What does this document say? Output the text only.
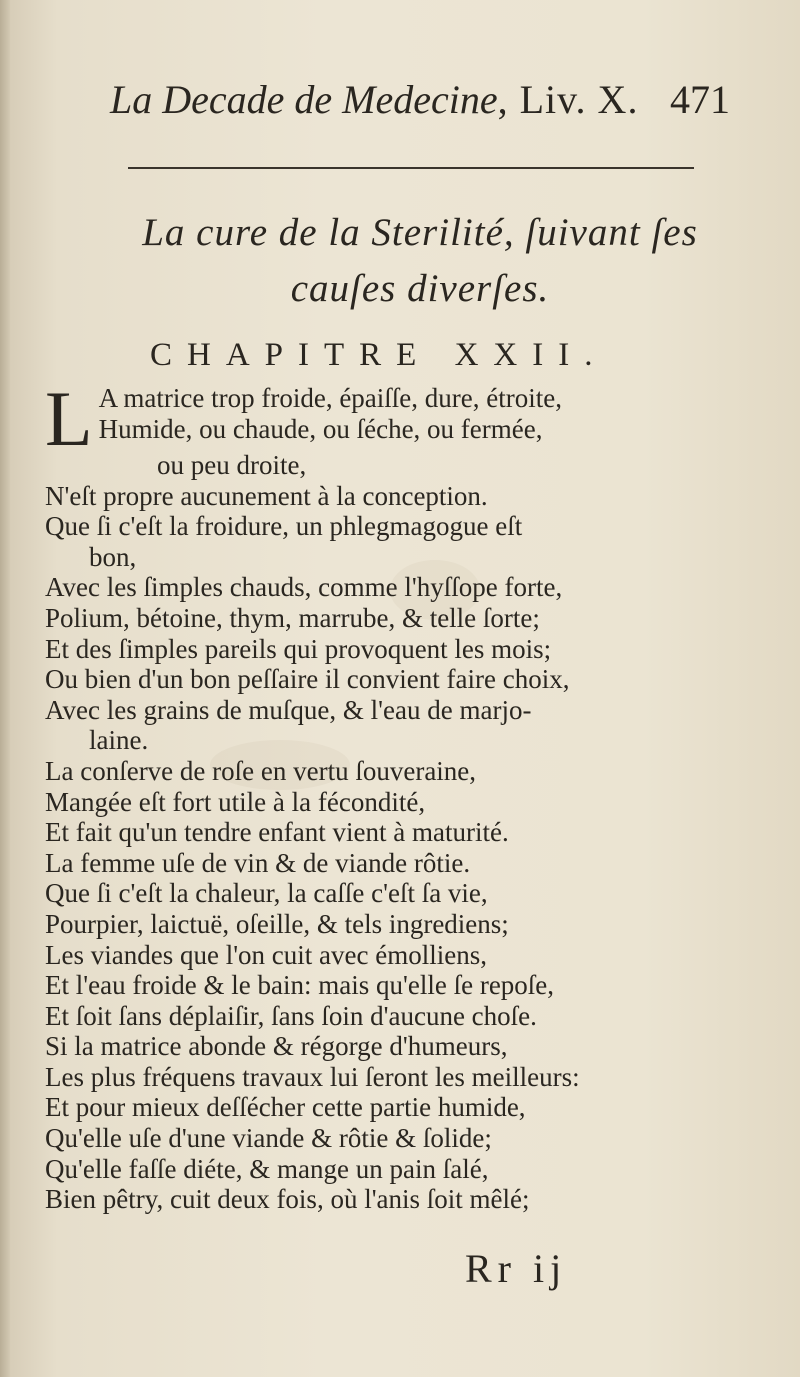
La Decade de Medecine, Liv. X. 471
La cure de la Sterilité, ſuivant ſes
cauſes diverſes.
CHAPITRE XXII.
L A matrice trop froide, épaiſſe, dure, étroite,
Humide, ou chaude, ou ſéche, ou fermée,
ou peu droite,
N'eſt propre aucunement à la conception.
Que ſi c'eſt la froidure, un phlegmagogue eſt
bon,
Avec les ſimples chauds, comme l'hyſſope forte,
Polium, bétoine, thym, marrube, & telle ſorte;
Et des ſimples pareils qui provoquent les mois;
Ou bien d'un bon peſſaire il convient faire choix,
Avec les grains de muſque, & l'eau de marjo-
laine.
La conſerve de roſe en vertu ſouveraine,
Mangée eſt fort utile à la fécondité,
Et fait qu'un tendre enfant vient à maturité.
La femme uſe de vin & de viande rôtie.
Que ſi c'eſt la chaleur, la caſſe c'eſt ſa vie,
Pourpier, laictuë, oſeille, & tels ingrediens;
Les viandes que l'on cuit avec émolliens,
Et l'eau froide & le bain: mais qu'elle ſe repoſe,
Et ſoit ſans déplaiſir, ſans ſoin d'aucune choſe.
Si la matrice abonde & régorge d'humeurs,
Les plus fréquens travaux lui ſeront les meilleurs:
Et pour mieux deſſécher cette partie humide,
Qu'elle uſe d'une viande & rôtie & ſolide;
Qu'elle faſſe diéte, & mange un pain ſalé,
Bien pêtry, cuit deux fois, où l'anis ſoit mêlé;
Rr ij
